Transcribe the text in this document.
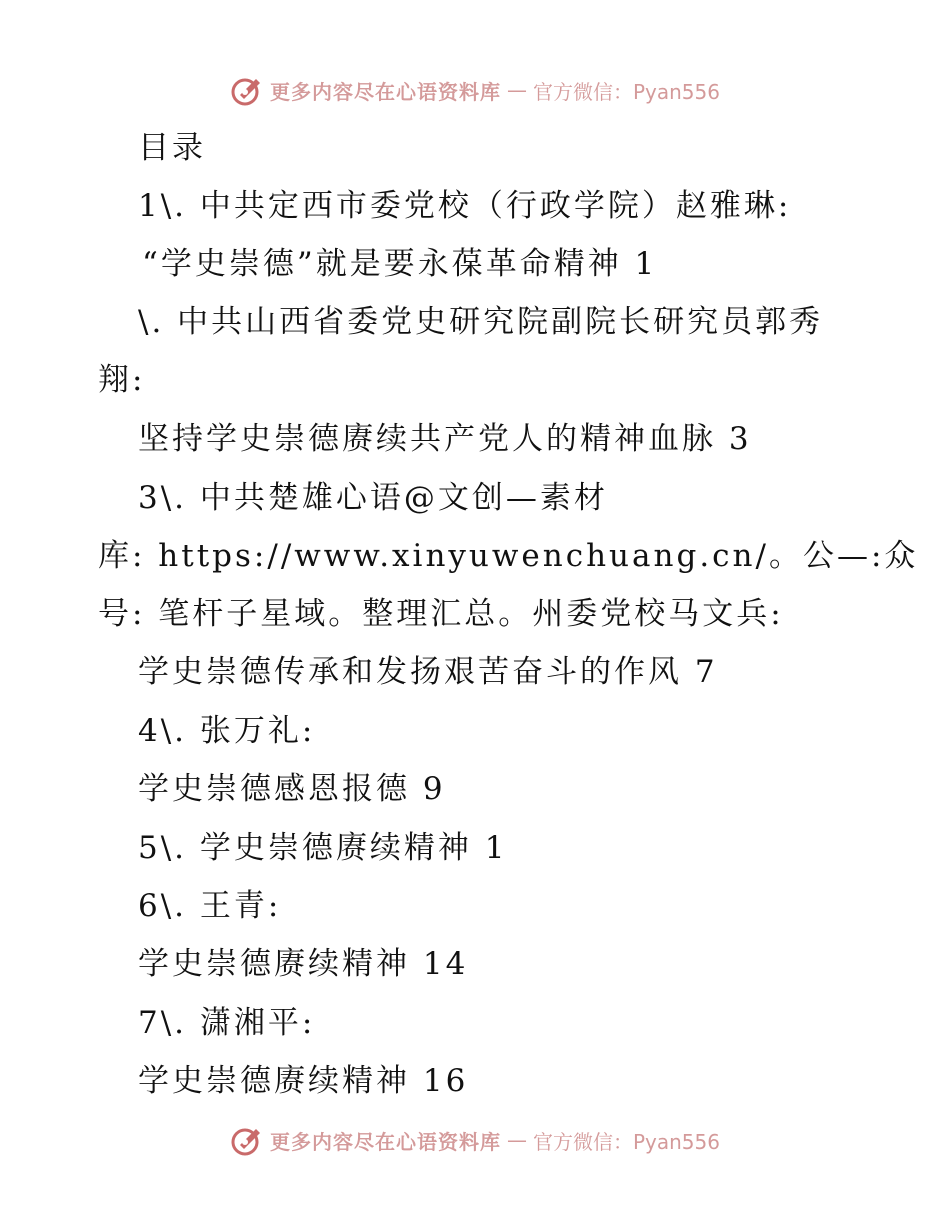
更多内容尽在心语资料库 — 官方微信：Pyan556
目录
1\. 中共定西市委党校（行政学院）赵雅琳:
“学史崇德”就是要永葆革命精神 1
\. 中共山西省委党史研究院副院长研究员郭秀
翔:
坚持学史崇德赓续共产党人的精神血脉 3
3\. 中共楚雄心语@文创—素材
库: https://www.xinyuwenchuang.cn/。公—:众
号: 笔杆子星域。整理汇总。州委党校马文兵:
学史崇德传承和发扬艰苦奋斗的作风 7
4\. 张万礼:
学史崇德感恩报德 9
5\. 学史崇德赓续精神 1
6\. 王青:
学史崇德赓续精神 14
7\. 潇湘平:
学史崇德赓续精神 16
更多内容尽在心语资料库 — 官方微信：Pyan556
